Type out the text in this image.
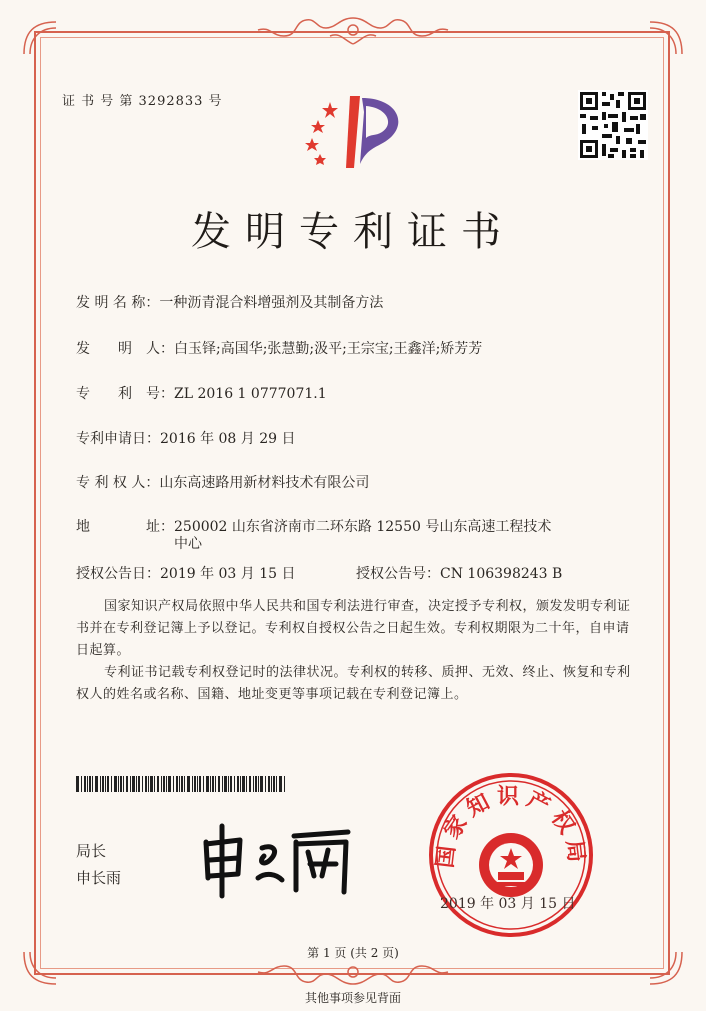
证 书 号 第 3292833 号
发明专利证书
发 明 名 称：一种沥青混合料增强剂及其制备方法
发　　明　人：白玉铎;高国华;张慧勤;汲平;王宗宝;王鑫洋;矫芳芳
专　　利　号：ZL 2016 1 0777071.1
专利申请日：2016 年 08 月 29 日
专 利 权 人：山东高速路用新材料技术有限公司
地　　　　址：250002 山东省济南市二环东路 12550 号山东高速工程技术
中心
授权公告日：2019 年 03 月 15 日	授权公告号：CN 106398243 B
国家知识产权局依照中华人民共和国专利法进行审查，决定授予专利权，颁发发明专利证书并在专利登记簿上予以登记。专利权自授权公告之日起生效。专利权期限为二十年，自申请日起算。
专利证书记载专利权登记时的法律状况。专利权的转移、质押、无效、终止、恢复和专利权人的姓名或名称、国籍、地址变更等事项记载在专利登记簿上。
局长
申长雨
国家知识产权局
2019 年 03 月 15 日
第 1 页 (共 2 页)
其他事项参见背面
